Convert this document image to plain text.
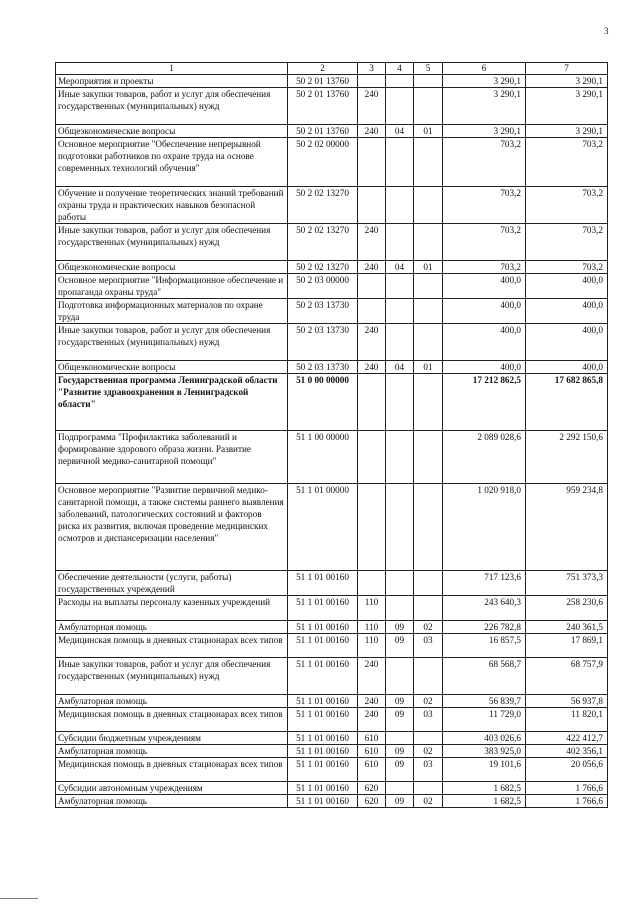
3
1	2	3	4	5	6	7
Мероприятия и проекты	50 2 01 13760				3 290,1	3 290,1
Иные закупки товаров, работ и услуг для обеспечения государственных (муниципальных) нужд	50 2 01 13760	240			3 290,1	3 290,1
Общеэкономические вопросы	50 2 01 13760	240	04	01	3 290,1	3 290,1
Основное мероприятие "Обеспечение непрерывной подготовки работников по охране труда на основе современных технологий обучения"	50 2 02 00000				703,2	703,2
Обучение и получение теоретических знаний требований охраны труда и практических навыков безопасной работы	50 2 02 13270				703,2	703,2
Иные закупки товаров, работ и услуг для обеспечения государственных (муниципальных) нужд	50 2 02 13270	240			703,2	703,2
Общеэкономические вопросы	50 2 02 13270	240	04	01	703,2	703,2
Основное мероприятие "Информационное обеспечение и пропаганда охраны труда"	50 2 03 00000				400,0	400,0
Подготовка информационных материалов по охране труда	50 2 03 13730				400,0	400,0
Иные закупки товаров, работ и услуг для обеспечения государственных (муниципальных) нужд	50 2 03 13730	240			400,0	400,0
Общеэкономические вопросы	50 2 03 13730	240	04	01	400,0	400,0
Государственная программа Ленинградской области "Развитие здравоохранения в Ленинградской области"	51 0 00 00000				17 212 862,5	17 682 865,8
Подпрограмма "Профилактика заболеваний и формирование здорового образа жизни. Развитие первичной медико-санитарной помощи"	51 1 00 00000				2 089 028,6	2 292 150,6
Основное мероприятие "Развитие первичной медико-санитарной помощи, а также системы раннего выявления заболеваний, патологических состояний и факторов риска их развития, включая проведение медицинских осмотров и диспансеризации населения"	51 1 01 00000				1 020 918,0	959 234,8
Обеспечение деятельности (услуги, работы) государственных учреждений	51 1 01 00160				717 123,6	751 373,3
Расходы на выплаты персоналу казенных учреждений	51 1 01 00160	110			243 640,3	258 230,6
Амбулаторная помощь	51 1 01 00160	110	09	02	226 782,8	240 361,5
Медицинская помощь в дневных стационарах всех типов	51 1 01 00160	110	09	03	16 857,5	17 869,1
Иные закупки товаров, работ и услуг для обеспечения государственных (муниципальных) нужд	51 1 01 00160	240			68 568,7	68 757,9
Амбулаторная помощь	51 1 01 00160	240	09	02	56 839,7	56 937,8
Медицинская помощь в дневных стационарах всех типов	51 1 01 00160	240	09	03	11 729,0	11 820,1
Субсидии бюджетным учреждениям	51 1 01 00160	610			403 026,6	422 412,7
Амбулаторная помощь	51 1 01 00160	610	09	02	383 925,0	402 356,1
Медицинская помощь в дневных стационарах всех типов	51 1 01 00160	610	09	03	19 101,6	20 056,6
Субсидии автономным учреждениям	51 1 01 00160	620			1 682,5	1 766,6
Амбулаторная помощь	51 1 01 00160	620	09	02	1 682,5	1 766,6
